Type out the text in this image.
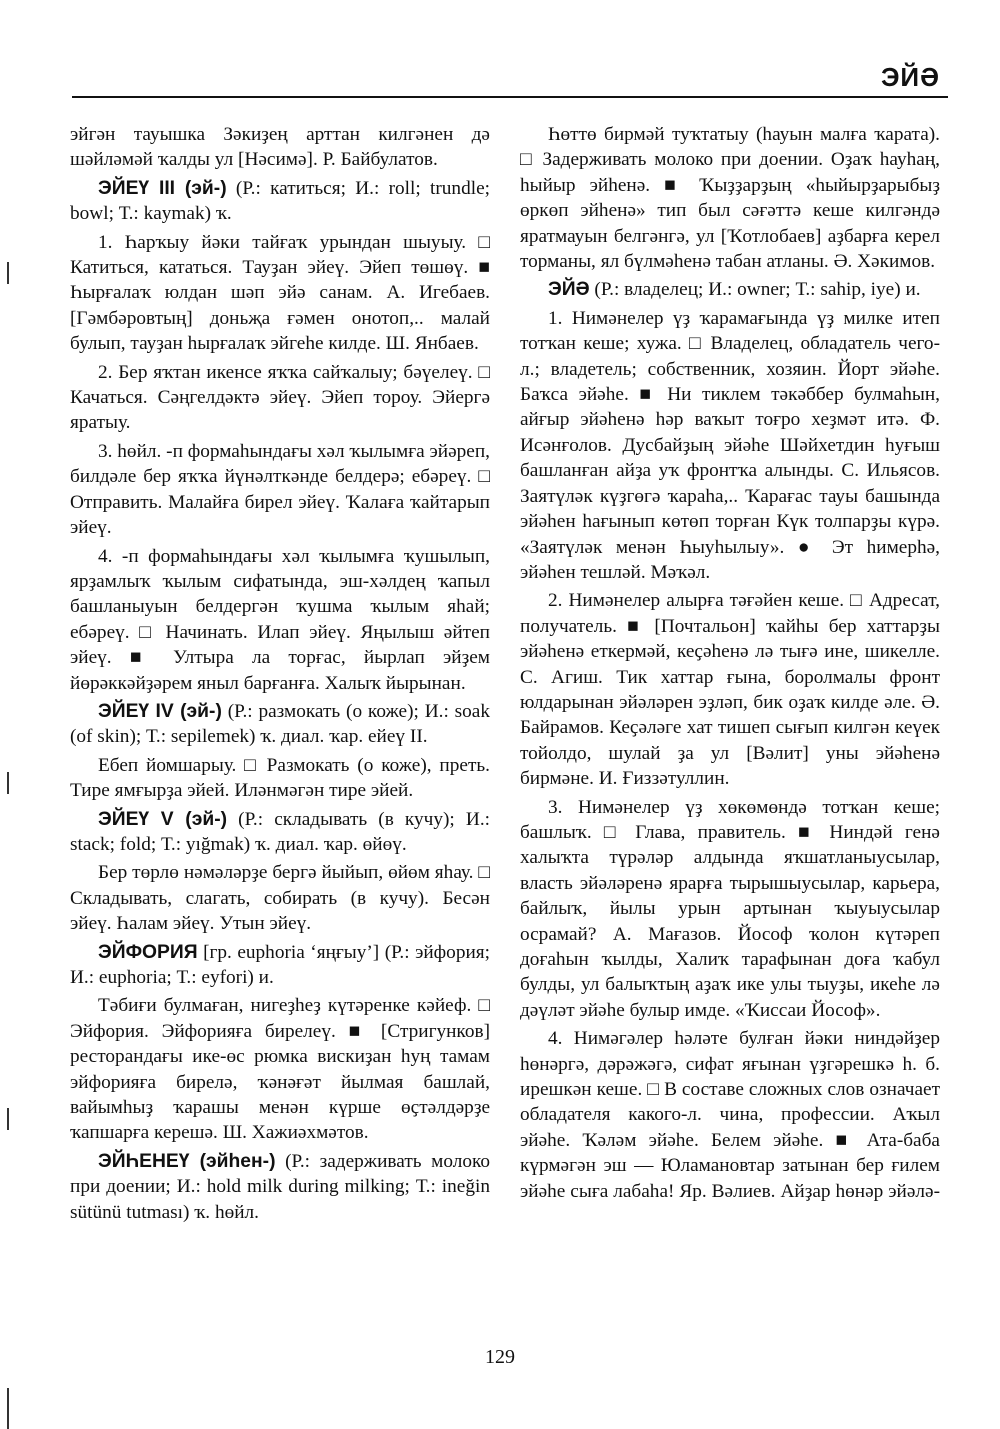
ЭЙӘ

эйгән тауышка Зәкиҙең арттан килгәнен дә шәйләмәй ҡалды ул [Нәсимә]. Р. Байбулатов.

ЭЙЕҮ III (эй-) (Р.: катиться; И.: roll; trundle; bowl; Т.: kaymak) ҡ.

1. Һарҡыу йәки тайғаҡ урындан шыуыу. □ Катиться, кататься. Тауҙан эйеү. Эйеп төшөү. ■ Һырғалаҡ юлдан шәп эйә санам. А. Игебаев. [Гәмбәровтың] доньҗа ғәмен онотоп,.. малай булып, тауҙан һырғалаҡ эйгеһе килде. Ш. Янбаев.

2. Бер яҡтан икенсе яҡҡа сайҡалыу; бәүелеү. □ Качаться. Сәңгелдәктә эйеү. Эйеп тороу. Эйергә яратыу.

3. һөйл. -п формаһындағы хәл ҡылымға эйәреп, билдәле бер яҡҡа йүнәлткәнде белдерә; ебәреү. □ Отправить. Малайға бирел эйеү. Ҡалаға ҡайтарып эйеү.

4. -п формаһындағы хәл ҡылымға ҡушылып, ярҙамлыҡ ҡылым сифатында, эш-хәлдең ҡапыл башланыуын белдергән ҡушма ҡылым яһай; ебәреү. □ Начинать. Илап эйеү. Яңылыш әйтеп эйеү. ■ Ултыра ла торғас, йырлап эйҙем йөрәккәйҙәрем яныл барғанға. Халыҡ йырынан.

ЭЙЕҮ IV (эй-) (Р.: размокать (о коже); И.: soak (of skin); Т.: sepilemek) ҡ. диал. ҡар. ейеү II.

Ебеп йомшарыу. □ Размокать (о коже), преть. Тире ямғырҙа эйей. Иләнмәгән тире эйей.

ЭЙЕҮ V (эй-) (Р.: складывать (в кучу); И.: stack; fold; Т.: yığmak) ҡ. диал. ҡар. өйөү.

Бер төрлө нәмәләрҙе бергә йыйып, өйөм яһау. □ Складывать, слагать, собирать (в кучу). Бесән эйеү. Һалам эйеү. Утын эйеү.

ЭЙФОРИЯ [гр. euphoria ‘яңғыу’] (Р.: эйфория; И.: euphoria; Т.: eyfori) и.

Тәбиғи булмаған, нигеҙһеҙ күтәренке кәйеф. □ Эйфория. Эйфорияға бирелеү. ■ [Стригунков] ресторандағы ике-өс рюмка вискиҙан һуң тамам эйфорияға бирелә, ҡәнәғәт йылмая башлай, вайымһыҙ ҡарашы менән күрше өҫтәлдәрҙе ҡапшарға керешә. Ш. Хажиәхмәтов.

ЭЙҺЕНЕҮ (эйһен-) (Р.: задерживать молоко при доении; И.: hold milk during milking; Т.: ineğin sütünü tutması) ҡ. һөйл.

Һөттө бирмәй туҡтатыу (һауын малға ҡарата). □ Задерживать молоко при доении. Оҙаҡ һауһаң, һыйыр эйһенә. ■ Ҡыҙҙарҙың «һыйырҙарыбыҙ өркөп эйһенә» тип был сәғәттә кеше килгәндә яратмауын белгәнгә, ул [Ҡотлобаев] аҙбарға керел торманы, ял бүлмәһенә табан атланы. Ә. Хәкимов.

ЭЙӘ (Р.: владелец; И.: owner; Т.: sahip, iye) и.

1. Нимәнелер үҙ ҡарамағында үҙ милке итеп тотҡан кеше; хужа. □ Владелец, обладатель чего-л.; владетель; собственник, хозяин. Йорт эйәһе. Баҡса эйәһе. ■ Ни тиклем тәкәббер булмаһын, айғыр эйәһенә һәр ваҡыт тоғро хеҙмәт итә. Ф. Исәнғолов. Дусбайҙың эйәһе Шәйхетдин һуғыш башланған айҙа уҡ фронтҡа алынды. С. Ильясов. Заятүләк күҙгөгә ҡараһа,.. Ҡарағас тауы башында эйәһен һағынып көтөп торған Күк толпарҙы күрә. «Заятүләк менән Һыуһылыу». ● Эт һимерһә, эйәһен тешләй. Мәҡәл.

2. Нимәнелер алырға тәғәйен кеше. □ Адресат, получатель. ■ [Почтальон] ҡайһы бер хаттарҙы эйәһенә еткермәй, кеҫәһенә лә тығә ине, шикелле. С. Агиш. Тик хаттар ғына, боролмалы фронт юлдарынан эйәләрен эҙләп, бик оҙаҡ килде әле. Ә. Байрамов. Кеҫәләге хат тишеп сығып килгән кеүек тойолдо, шулай ҙа ул [Вәлит] уны эйәһенә бирмәне. И. Ғиззәтуллин.

3. Нимәнелер үҙ хөкөмөндә тотҡан кеше; башлыҡ. □ Глава, правитель. ■ Ниндәй генә халыҡта түрәләр алдында яҡшатланыусылар, власть эйәләренә ярарға тырышыусылар, карьера, байлыҡ, йылы урын артынан ҡыуыусылар осрамай? А. Мағазов. Йософ ҡолон күтәреп доғаһын ҡылды, Халиҡ тарафынан доға ҡабул булды, ул балыҡтың аҙаҡ ике улы тыуҙы, икеһе лә дәүләт эйәһе булыр имде. «Ҡиссаи Йософ».

4. Нимәгәлер һәләте булған йәки ниндәйҙер һөнәргә, дәрәжәгә, сифат яғынан үҙгәрешкә һ. б. ирешкән кеше. □ В составе сложных слов означает обладателя какого-л. чина, профессии. Аҡыл эйәһе. Ҡәләм эйәһе. Белем эйәһе. ■ Ата-баба күрмәгән эш — Юламановтар затынан бер ғилем эйәһе сыға лабаһа! Яр. Вәлиев. Айҙар һөнәр эйәлә-

129
